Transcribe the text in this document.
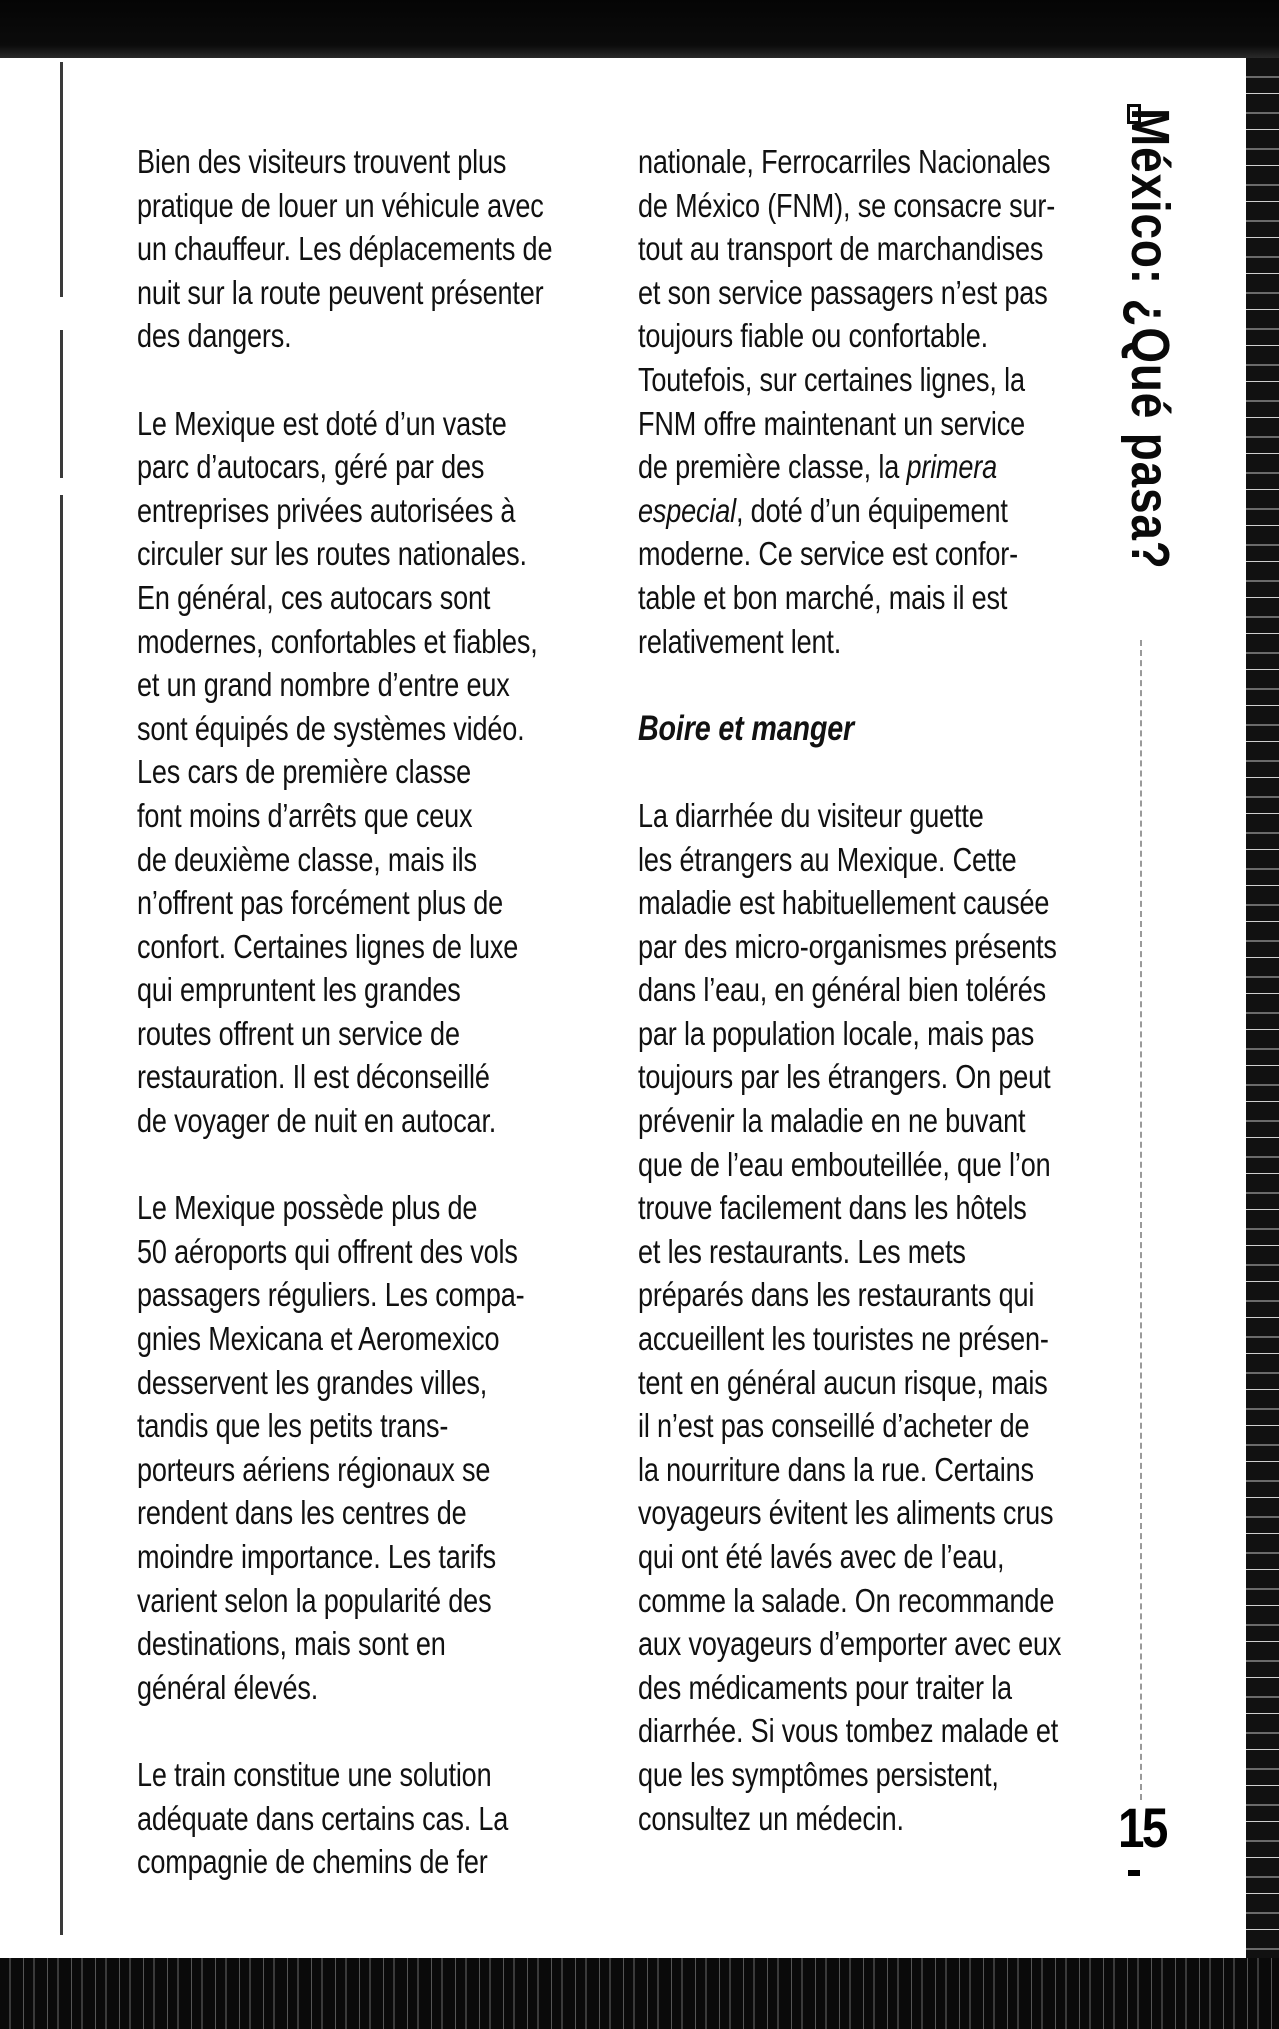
Bien des visiteurs trouvent plus
pratique de louer un véhicule avec
un chauffeur. Les déplacements de
nuit sur la route peuvent présenter
des dangers.
Le Mexique est doté d’un vaste
parc d’autocars, géré par des
entreprises privées autorisées à
circuler sur les routes nationales.
En général, ces autocars sont
modernes, confortables et fiables,
et un grand nombre d’entre eux
sont équipés de systèmes vidéo.
Les cars de première classe
font moins d’arrêts que ceux
de deuxième classe, mais ils
n’offrent pas forcément plus de
confort. Certaines lignes de luxe
qui empruntent les grandes
routes offrent un service de
restauration. Il est déconseillé
de voyager de nuit en autocar.
Le Mexique possède plus de
50 aéroports qui offrent des vols
passagers réguliers. Les compa-
gnies Mexicana et Aeromexico
desservent les grandes villes,
tandis que les petits trans-
porteurs aériens régionaux se
rendent dans les centres de
moindre importance. Les tarifs
varient selon la popularité des
destinations, mais sont en
général élevés.
Le train constitue une solution
adéquate dans certains cas. La
compagnie de chemins de fer
nationale, Ferrocarriles Nacionales
de México (FNM), se consacre sur-
tout au transport de marchandises
et son service passagers n’est pas
toujours fiable ou confortable.
Toutefois, sur certaines lignes, la
FNM offre maintenant un service
de première classe, la primera
especial, doté d’un équipement
moderne. Ce service est confor-
table et bon marché, mais il est
relativement lent.
Boire et manger
La diarrhée du visiteur guette
les étrangers au Mexique. Cette
maladie est habituellement causée
par des micro-organismes présents
dans l’eau, en général bien tolérés
par la population locale, mais pas
toujours par les étrangers. On peut
prévenir la maladie en ne buvant
que de l’eau embouteillée, que l’on
trouve facilement dans les hôtels
et les restaurants. Les mets
préparés dans les restaurants qui
accueillent les touristes ne présen-
tent en général aucun risque, mais
il n’est pas conseillé d’acheter de
la nourriture dans la rue. Certains
voyageurs évitent les aliments crus
qui ont été lavés avec de l’eau,
comme la salade. On recommande
aux voyageurs d’emporter avec eux
des médicaments pour traiter la
diarrhée. Si vous tombez malade et
que les symptômes persistent,
consultez un médecin.
México: ¿Qué pasa?
15
